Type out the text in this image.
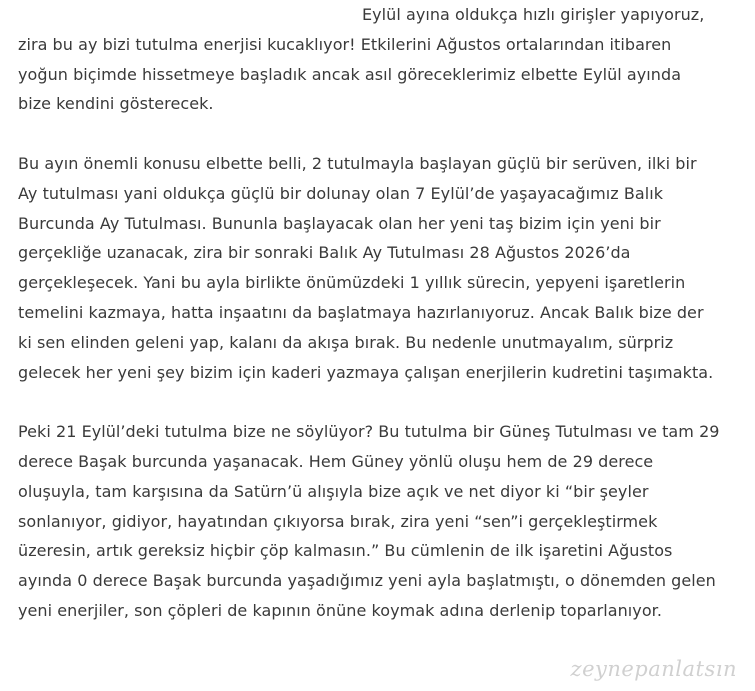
Eylül ayına oldukça hızlı girişler yapıyoruz,
zira bu ay bizi tutulma enerjisi kucaklıyor! Etkilerini Ağustos ortalarından itibaren
yoğun biçimde hissetmeye başladık ancak asıl göreceklerimiz elbette Eylül ayında
bize kendini gösterecek.

Bu ayın önemli konusu elbette belli, 2 tutulmayla başlayan güçlü bir serüven, ilki bir
Ay tutulması yani oldukça güçlü bir dolunay olan 7 Eylül’de yaşayacağımız Balık
Burcunda Ay Tutulması. Bununla başlayacak olan her yeni taş bizim için yeni bir
gerçekliğe uzanacak, zira bir sonraki Balık Ay Tutulması 28 Ağustos 2026’da
gerçekleşecek. Yani bu ayla birlikte önümüzdeki 1 yıllık sürecin, yepyeni işaretlerin
temelini kazmaya, hatta inşaatını da başlatmaya hazırlanıyoruz. Ancak Balık bize der
ki sen elinden geleni yap, kalanı da akışa bırak. Bu nedenle unutmayalım, sürpriz
gelecek her yeni şey bizim için kaderi yazmaya çalışan enerjilerin kudretini taşımakta.

Peki 21 Eylül’deki tutulma bize ne söylüyor? Bu tutulma bir Güneş Tutulması ve tam 29
derece Başak burcunda yaşanacak. Hem Güney yönlü oluşu hem de 29 derece
oluşuyla, tam karşısına da Satürn’ü alışıyla bize açık ve net diyor ki “bir şeyler
sonlanıyor, gidiyor, hayatından çıkıyorsa bırak, zira yeni “sen”i gerçekleştirmek
üzeresin, artık gereksiz hiçbir çöp kalmasın.” Bu cümlenin de ilk işaretini Ağustos
ayında 0 derece Başak burcunda yaşadığımız yeni ayla başlatmıştı, o dönemden gelen
yeni enerjiler, son çöpleri de kapının önüne koymak adına derlenip toparlanıyor.

zeynepanlatsın
